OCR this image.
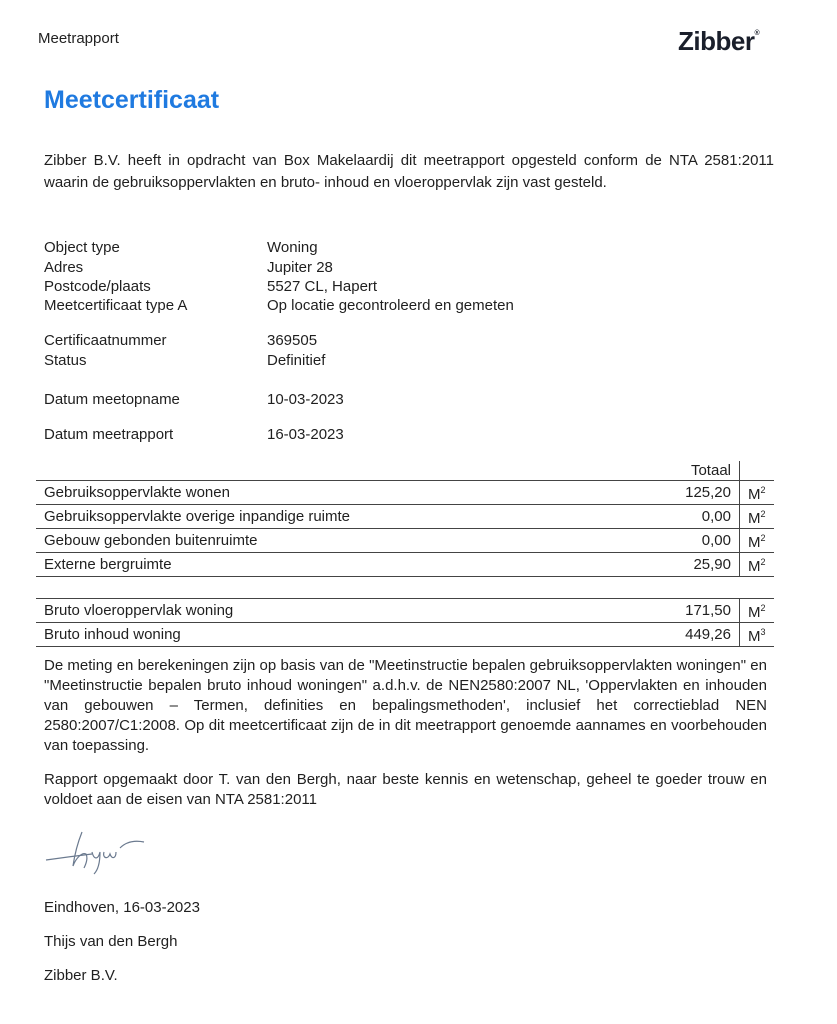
Meetrapport	Zibber®
Meetcertificaat
Zibber B.V. heeft in opdracht van Box Makelaardij dit meetrapport opgesteld conform de NTA 2581:2011 waarin de gebruiksoppervlakten en bruto- inhoud en vloeroppervlak zijn vast gesteld.
Object type	Woning
Adres	Jupiter 28
Postcode/plaats	5527 CL, Hapert
Meetcertificaat type A	Op locatie gecontroleerd en gemeten
Certificaatnummer	369505
Status	Definitief
Datum meetopname	10-03-2023
Datum meetrapport	16-03-2023
	Totaal	
Gebruiksoppervlakte wonen	125,20	$M^2$
Gebruiksoppervlakte overige inpandige ruimte	0,00	$M^2$
Gebouw gebonden buitenruimte	0,00	$M^2$
Externe bergruimte	25,90	$M^2$

Bruto vloeroppervlak woning	171,50	$M^2$
Bruto inhoud woning	449,26	$M^3$
De meting en berekeningen zijn op basis van de "Meetinstructie bepalen gebruiksoppervlakten woningen" en "Meetinstructie bepalen bruto inhoud woningen" a.d.h.v. de NEN2580:2007 NL, 'Oppervlakten en inhouden van gebouwen – Termen, definities en bepalingsmethoden', inclusief het correctieblad NEN 2580:2007/C1:2008. Op dit meetcertificaat zijn de in dit meetrapport genoemde aannames en voorbehouden van toepassing.
Rapport opgemaakt door T. van den Bergh, naar beste kennis en wetenschap, geheel te goeder trouw en voldoet aan de eisen van NTA 2581:2011
Eindhoven, 16-03-2023
Thijs van den Bergh
Zibber B.V.
